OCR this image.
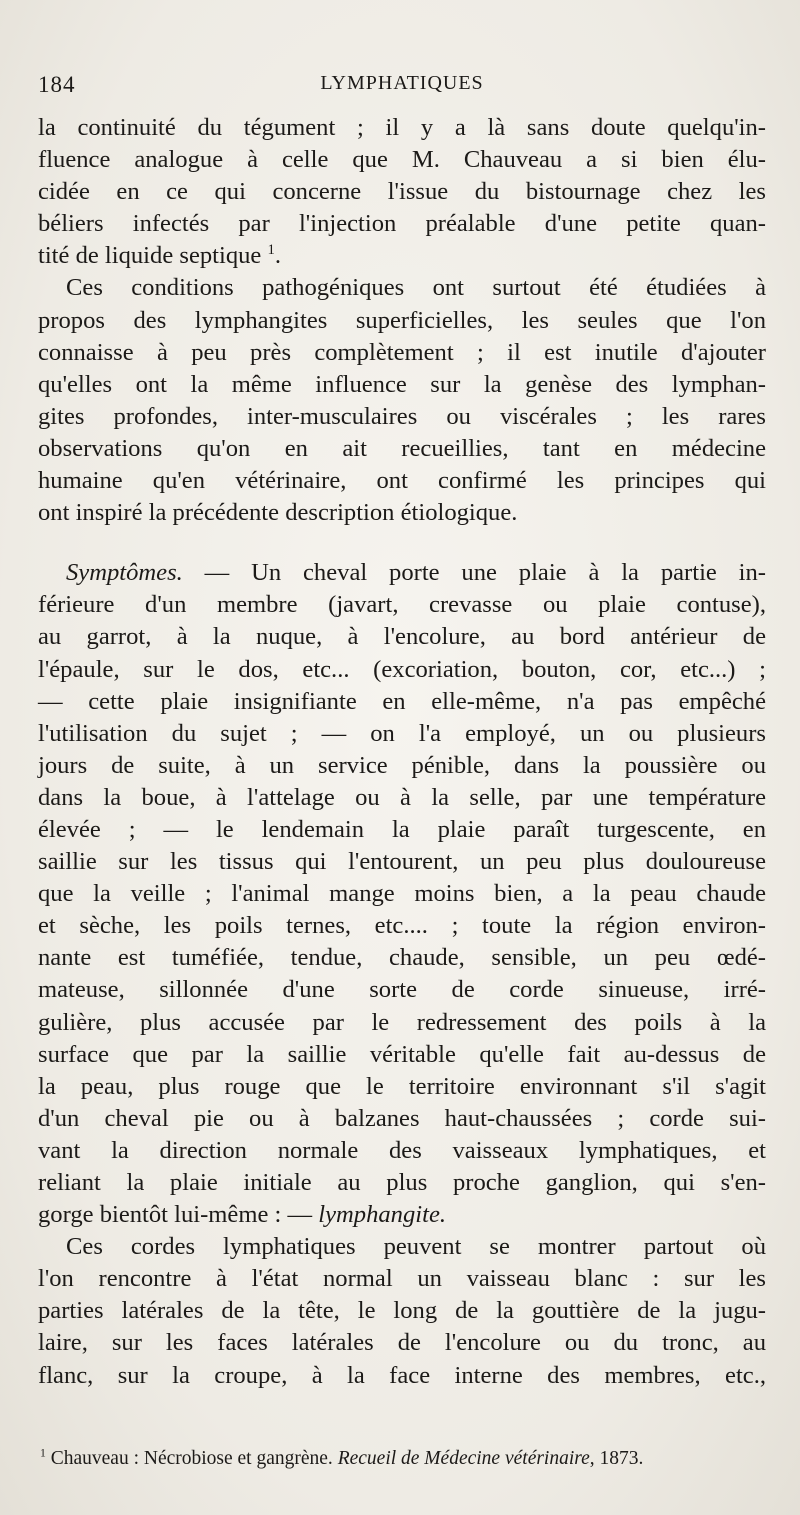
184	LYMPHATIQUES
la continuité du tégument ; il y a là sans doute quelqu'in-
fluence analogue à celle que M. Chauveau a si bien élu-
cidée en ce qui concerne l'issue du bistournage chez les
béliers infectés par l'injection préalable d'une petite quan-
tité de liquide septique $^1$.
Ces conditions pathogéniques ont surtout été étudiées à
propos des lymphangites superficielles, les seules que l'on
connaisse à peu près complètement ; il est inutile d'ajouter
qu'elles ont la même influence sur la genèse des lymphan-
gites profondes, inter-musculaires ou viscérales ; les rares
observations qu'on en ait recueillies, tant en médecine
humaine qu'en vétérinaire, ont confirmé les principes qui
ont inspiré la précédente description étiologique.
Symptômes. — Un cheval porte une plaie à la partie in-
férieure d'un membre (javart, crevasse ou plaie contuse),
au garrot, à la nuque, à l'encolure, au bord antérieur de
l'épaule, sur le dos, etc... (excoriation, bouton, cor, etc...) ;
— cette plaie insignifiante en elle-même, n'a pas empêché
l'utilisation du sujet ; — on l'a employé, un ou plusieurs
jours de suite, à un service pénible, dans la poussière ou
dans la boue, à l'attelage ou à la selle, par une température
élevée ; — le lendemain la plaie paraît turgescente, en
saillie sur les tissus qui l'entourent, un peu plus douloureuse
que la veille ; l'animal mange moins bien, a la peau chaude
et sèche, les poils ternes, etc.... ; toute la région environ-
nante est tuméfiée, tendue, chaude, sensible, un peu œdé-
mateuse, sillonnée d'une sorte de corde sinueuse, irré-
gulière, plus accusée par le redressement des poils à la
surface que par la saillie véritable qu'elle fait au-dessus de
la peau, plus rouge que le territoire environnant s'il s'agit
d'un cheval pie ou à balzanes haut-chaussées ; corde sui-
vant la direction normale des vaisseaux lymphatiques, et
reliant la plaie initiale au plus proche ganglion, qui s'en-
gorge bientôt lui-même : — lymphangite.
Ces cordes lymphatiques peuvent se montrer partout où
l'on rencontre à l'état normal un vaisseau blanc : sur les
parties latérales de la tête, le long de la gouttière de la jugu-
laire, sur les faces latérales de l'encolure ou du tronc, au
flanc, sur la croupe, à la face interne des membres, etc.,
$^1$ Chauveau : Nécrobiose et gangrène. Recueil de Médecine vétérinaire, 1873.
